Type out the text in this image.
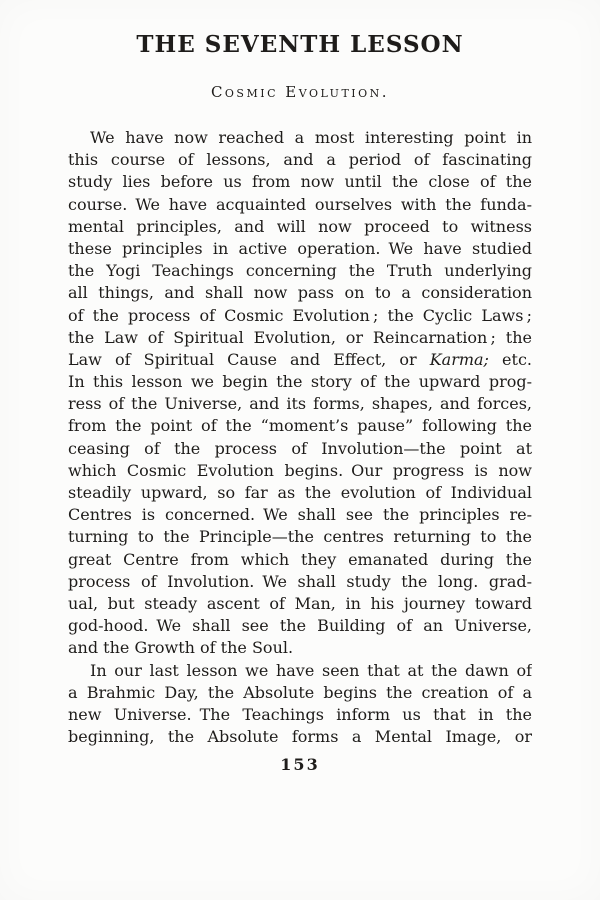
THE SEVENTH LESSON
Cosmic Evolution.
We have now reached a most interesting point in
this course of lessons, and a period of fascinating
study lies before us from now until the close of the
course. We have acquainted ourselves with the funda-
mental principles, and will now proceed to witness
these principles in active operation. We have studied
the Yogi Teachings concerning the Truth underlying
all things, and shall now pass on to a consideration
of the process of Cosmic Evolution ; the Cyclic Laws ;
the Law of Spiritual Evolution, or Reincarnation ; the
Law of Spiritual Cause and Effect, or Karma; etc.
In this lesson we begin the story of the upward prog-
ress of the Universe, and its forms, shapes, and forces,
from the point of the “moment’s pause” following the
ceasing of the process of Involution—the point at
which Cosmic Evolution begins. Our progress is now
steadily upward, so far as the evolution of Individual
Centres is concerned. We shall see the principles re-
turning to the Principle—the centres returning to the
great Centre from which they emanated during the
process of Involution. We shall study the long. grad-
ual, but steady ascent of Man, in his journey toward
god-hood. We shall see the Building of an Universe,
and the Growth of the Soul.
In our last lesson we have seen that at the dawn of
a Brahmic Day, the Absolute begins the creation of a
new Universe. The Teachings inform us that in the
beginning, the Absolute forms a Mental Image, or
153
